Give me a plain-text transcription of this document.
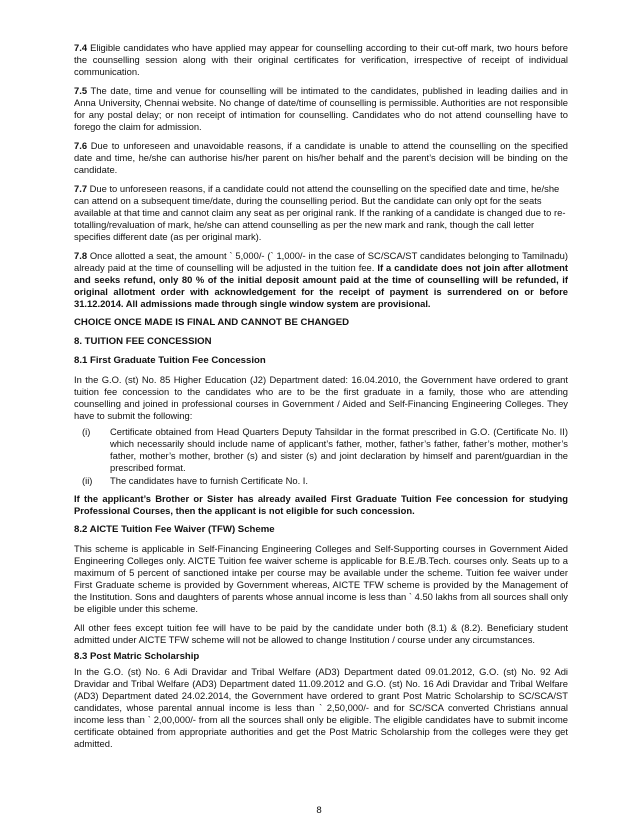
7.4 Eligible candidates who have applied may appear for counselling according to their cut-off mark, two hours before the counselling session along with their original certificates for verification, irrespective of receipt of individual communication.

7.5 The date, time and venue for counselling will be intimated to the candidates, published in leading dailies and in Anna University, Chennai website. No change of date/time of counselling is permissible. Authorities are not responsible for any postal delay; or non receipt of intimation for counselling. Candidates who do not attend counselling have to forego the claim for admission.

7.6 Due to unforeseen and unavoidable reasons, if a candidate is unable to attend the counselling on the specified date and time, he/she can authorise his/her parent on his/her behalf and the parent’s decision will be binding on the candidate.

7.7 Due to unforeseen reasons, if a candidate could not attend the counselling on the specified date and time, he/she can attend on a subsequent time/date, during the counselling period. But the candidate can only opt for the seats available at that time and cannot claim any seat as per original rank. If the ranking of a candidate is changed due to re-totalling/revaluation of mark, he/she can attend counselling as per the new mark and rank, though the call letter specifies different date (as per original mark).

7.8 Once allotted a seat, the amount ` 5,000/- (` 1,000/- in the case of SC/SCA/ST candidates belonging to Tamilnadu) already paid at the time of counselling will be adjusted in the tuition fee. If a candidate does not join after allotment and seeks refund, only 80 % of the initial deposit amount paid at the time of counselling will be refunded, if original allotment order with acknowledgement for the receipt of payment is surrendered on or before 31.12.2014. All admissions made through single window system are provisional.

CHOICE ONCE MADE IS FINAL AND CANNOT BE CHANGED
8. TUITION FEE CONCESSION
8.1 First Graduate Tuition Fee Concession

In the G.O. (st) No. 85 Higher Education (J2) Department dated: 16.04.2010, the Government have ordered to grant tuition fee concession to the candidates who are to be the first graduate in a family, those who are attending counselling and joined in professional courses in Government / Aided and Self-Financing Engineering Colleges. They have to submit the following:

(i)	Certificate obtained from Head Quarters Deputy Tahsildar in the format prescribed in G.O. (Certificate No. II) which necessarily should include name of applicant’s father, mother, father’s father, father’s mother, mother’s father, mother’s mother, brother (s) and sister (s) and joint declaration by himself and parent/guardian in the prescribed format.
(ii)	The candidates have to furnish Certificate No. I.

If the applicant’s Brother or Sister has already availed First Graduate Tuition Fee concession for studying Professional Courses, then the applicant is not eligible for such concession.

8.2 AICTE Tuition Fee Waiver (TFW) Scheme

This scheme is applicable in Self-Financing Engineering Colleges and Self-Supporting courses in Government Aided Engineering Colleges only. AICTE Tuition fee waiver scheme is applicable for B.E./B.Tech. courses only. Seats up to a maximum of 5 percent of sanctioned intake per course may be available under the scheme. Tuition fee waiver under First Graduate scheme is provided by Government whereas, AICTE TFW scheme is provided by the Management of the Institution. Sons and daughters of parents whose annual income is less than ` 4.50 lakhs from all sources shall only be eligible under this scheme.

All other fees except tuition fee will have to be paid by the candidate under both (8.1) & (8.2). Beneficiary student admitted under AICTE TFW scheme will not be allowed to change Institution / course under any circumstances.

8.3 Post Matric Scholarship

In the G.O. (st) No. 6 Adi Dravidar and Tribal Welfare (AD3) Department dated 09.01.2012, G.O. (st) No. 92 Adi Dravidar and Tribal Welfare (AD3) Department dated 11.09.2012 and G.O. (st) No. 16 Adi Dravidar and Tribal Welfare (AD3) Department dated 24.02.2014, the Government have ordered to grant Post Matric Scholarship to SC/SCA/ST candidates, whose parental annual income is less than ` 2,50,000/- and for SC/SCA converted Christians annual income less than ` 2,00,000/- from all the sources shall only be eligible. The eligible candidates have to submit income certificate obtained from appropriate authorities and get the Post Matric Scholarship from the colleges were they get admitted.

8
